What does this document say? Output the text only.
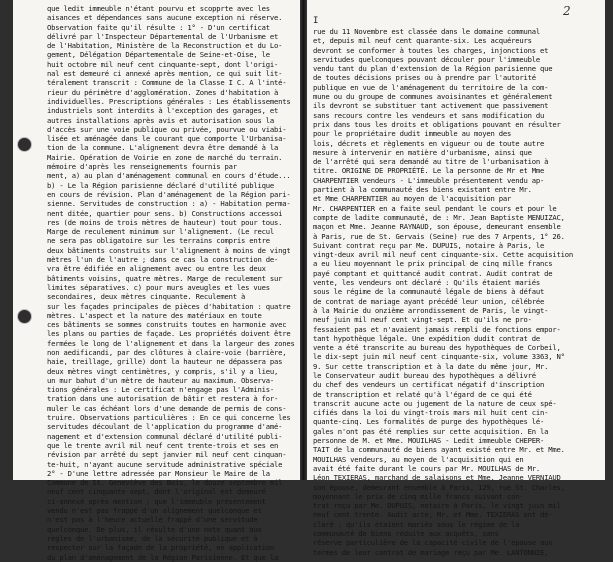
que ledit immeuble n'étant pourvu et scopprte avec les
aisances et dépendances sans aucune exception ni réserve.
Observation faite qu'il résulte : 1° - D'un certificat
délivré par l'Inspecteur Départemental de l'Urbanisme et
de l'Habitation, Ministère de la Reconstruction et du Lo-
gement, Délégation Départementale de Seine-et-Oise, le
huit octobre mil neuf cent cinquante-sept, dont l'origi-
nal est demeuré ci annexé après mention, ce qui suit lit-
téralement transcrit : Commune de la Classe I C. A l'inté-
rieur du périmètre d'agglomération. Zones d'habitation à
individuelles. Prescriptions générales : Les établissements
industriels sont interdits à l'exception des garages, et
autres installations après avis et autorisation sous la
d'accès sur une voie publique ou privée, pourvue ou viabi-
lisée et aménagée dans le courant que comporte l'Urbanisa-
tion de la commune. L'alignement devra être demandé à la
Mairie. Opération de Voirie en zone de marché du terrain.
mémoire d'après les renseignements fournis par
ment, a) au plan d'aménagement communal en cours d'étude...
b) - Le la Région parisienne déclaré d'utilité publique
en cours de révision. Plan d'aménagement de la Région pari-
sienne. Servitudes de construction : a) - Habitation perma-
nent ditée, quartier pour sens. b) Constructions accessoi
res (de moins de trois mètres de hauteur) tout pour tous.
Marge de reculement minimum sur l'alignement. (Le recul
ne sera pas obligatoire sur les terrains compris entre
deux bâtiments construits sur l'alignement à moins de vingt
mètres l'un de l'autre ; dans ce cas la construction de-
vra être édifiée en alignement avec ou entre les deux
bâtiments voisins, quatre mètres. Marge de reculement sur
limites séparatives. c) pour murs aveugles et les vues
secondaires, deux mètres cinquante. Reculement à
sur les façades principales de pièces d'habitation : quatre
mètres. L'aspect et la nature des matériaux en toute
ces bâtiments se sommes construits toutes en harmonie avec
les plans ou parties de façade. Les propriétés doivent être
fermées le long de l'alignement et dans la largeur des zones
non aedificandi, par des clôtures à claire-voie (barrière,
haie, treillage, grille) dont la hauteur ne dépassera pas
deux mètres vingt centimètres, y compris, s'il y a lieu,
un mur bahut d'un mètre de hauteur au maximum. Observa-
tions générales : Le certificat n'engage pas l'Adminis-
tration dans une autorisation de bâtir et restera à for-
muler le cas échéant lors d'une demande de permis de cons-
truire. Observations particulières : En ce qui concerne les
servitudes découlant de l'application du programme d'amé-
nagement et d'extension communal déclaré d'utilité publi-
que le trente avril mil neuf cent trente-trois et ses en
révision par arrêté du sept janvier mil neuf cent cinquan-
te-huit, n'ayant aucune servitude administrative spéciale
2° - D'une lettre adressée par Monsieur le Maire de la
Commune de St. Geneviève des Bois, le douze septembre mil
neuf cent cinquante-sept, dont l'original est demeuré
ci-annexé après mention ; que l'immeuble présentement
vendu n'est pas frappé d'un alignement quelconque et
n'est pas à l'heure actuelle frappé d'une servitude
quelconque. De plus, il résulte d'une note quant aux
règles de l'urbanisme, de la sécurité publique et à
respecter sur la façade de la propriété, en application
du plan d'aménagement de la Région Parisienne. Et que la
I
2
rue du 11 Novembre est classée dans le domaine communal
et, depuis mil neuf cent quarante-six. Les acquéreurs
devront se conformer à toutes les charges, injonctions et
servitudes quelconques pouvant découler pour l'immeuble
vendu tant du plan d'extension de la Région parisienne que
de toutes décisions prises ou à prendre par l'autorité
publique en vue de l'aménagement du territoire de la com-
mune ou du groupe de communes avoisinantes et généralement
ils devront se substituer tant activement que passivement
sans recours contre les vendeurs et sans modification du
prix dans tous les droits et obligations pouvant en résulter
pour le propriétaire dudit immeuble au moyen des
lois, décrets et règlements en vigueur ou de toute autre
mesure à intervenir en matière d'urbanisme, ainsi que
de l'arrêté qui sera demandé au titre de l'urbanisation à
titre. ORIGINE DE PROPRIÉTÉ. Le la personne de Mr et Mme
CHARPENTIER vendeurs - L'immeuble présentement vendu ap-
partient à la communauté des biens existant entre Mr.
et Mme CHARPENTIER au moyen de l'acquisition par
Mr. CHARPENTIER en a faite seul pendant le cours et pour le
compte de ladite communauté, de : Mr. Jean Baptiste MENUIZAC,
maçon et Mme. Jeanne RAYNAUD, son épouse, demeurant ensemble
à Paris, rue de St. Gervais (Seine) rue des 7 Arpents, 1° 26.
Suivant contrat reçu par Me. DUPUIS, notaire à Paris, le
vingt-deux avril mil neuf cent cinquante-six. Cette acquisition
a eu lieu moyennant le prix principal de cinq mille francs
payé comptant et quittancé audit contrat. Audit contrat de
vente, les vendeurs ont déclaré : Qu'ils étaient mariés
sous le régime de la communauté légale de biens à défaut
de contrat de mariage ayant précédé leur union, célébrée
à la Mairie du onzième arrondissement de Paris, le vingt-
neuf juin mil neuf cent vingt-sept. Et qu'ils ne pro-
fessaient pas et n'avaient jamais rempli de fonctions empor-
tant hypothèque légale. Une expédition dudit contrat de
vente a été transcrite au bureau des hypothèques de Corbeil,
le dix-sept juin mil neuf cent cinquante-six, volume 3363, N°
9. Sur cette transcription et à la date du même jour, Mr.
le Conservateur audit bureau des hypothèques a délivré
du chef des vendeurs un certificat négatif d'inscription
de transcription et relaté qu'à l'égard de ce qui été
transcrit aucune acte ou jugement de la nature de ceux spé-
cifiés dans la loi du vingt-trois mars mil huit cent cin-
quante-cinq. Les formalités de purge des hypothèques lé-
gales n'ont pas été remplies sur cette acquisition. En la
personne de M. et Mme. MOUILHAS - Ledit immeuble CHEPER-
TAIT de la communauté de biens ayant existé entre Mr. et Mme.
MOUILHAS vendeurs, au moyen de l'acquisition qui en
avait été faite durant le cours par Mr. MOUILHAS de Mr.
Léon TEXIERAS, marchand de salaisons et Mme. Jeanne VERNIAUD
son épouse, demeurant ensemble à Paris, 129, rue St. Charles,
moyennant le prix de cinq mille francs suivant con-
trat reçu par Me. DUPUIS, notaire à Paris, le vingt juin mil
neuf cent trente. Audit acte, Mr. et Mme. TEXIERAS ont dé-
claré : qu'ils étaient mariés sous le régime de la
communauté de biens réduite aux acquêts, sans
réserve particulière de la capacité civile de l'épouse aux
termes de leur contrat de mariage reçu par Me. LANTONNIE,
